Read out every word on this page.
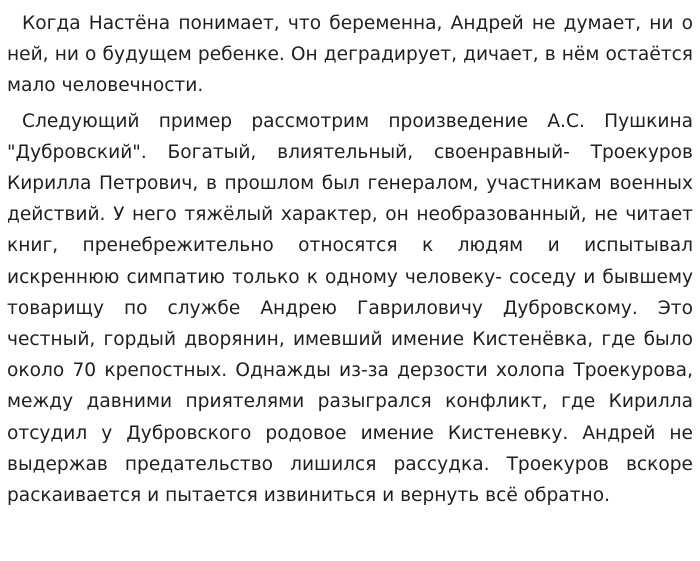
Когда Настёна понимает, что беременна, Андрей не думает, ни о ней, ни о будущем ребенке. Он деградирует, дичает, в нём остаётся мало человечности.

Следующий пример рассмотрим произведение А.С. Пушкина "Дубровский". Богатый, влиятельный, своенравный- Троекуров Кирилла Петрович, в прошлом был генералом, участникам военных действий. У него тяжёлый характер, он необразованный, не читает книг, пренебрежительно относятся к людям и испытывал искреннюю симпатию только к одному человеку- соседу и бывшему товарищу по службе Андрею Гавриловичу Дубровскому. Это честный, гордый дворянин, имевший имение Кистенёвка, где было около 70 крепостных. Однажды из-за дерзости холопа Троекурова, между давними приятелями разыгрался конфликт, где Кирилла отсудил у Дубровского родовое имение Кистеневку. Андрей не выдержав предательство лишился рассудка. Троекуров вскоре раскаивается и пытается извиниться и вернуть всё обратно.
